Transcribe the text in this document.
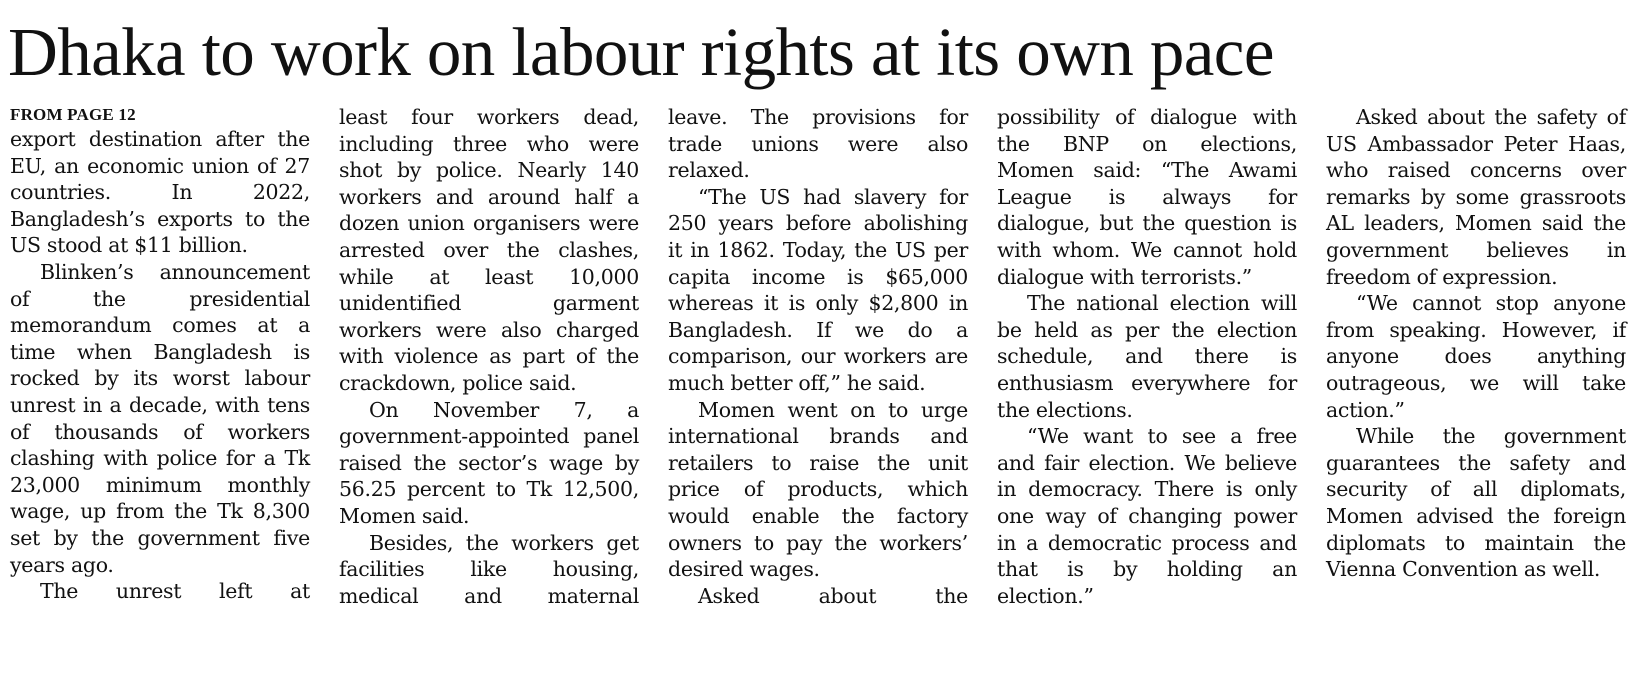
Dhaka to work on labour rights at its own pace
FROM PAGE 12

export destination after the EU, an economic union of 27 countries. In 2022, Bangladesh’s exports to the US stood at $11 billion.

Blinken’s announcement of the presidential memorandum comes at a time when Bangladesh is rocked by its worst labour unrest in a decade, with tens of thousands of workers clashing with police for a Tk 23,000 minimum monthly wage, up from the Tk 8,300 set by the government five years ago.

The unrest left at

least four workers dead, including three who were shot by police. Nearly 140 workers and around half a dozen union organisers were arrested over the clashes, while at least 10,000 unidentified garment workers were also charged with violence as part of the crackdown, police said.

On November 7, a government-appointed panel raised the sector’s wage by 56.25 percent to Tk 12,500, Momen said.

Besides, the workers get facilities like housing, medical and maternal

leave. The provisions for trade unions were also relaxed.

“The US had slavery for 250 years before abolishing it in 1862. Today, the US per capita income is $65,000 whereas it is only $2,800 in Bangladesh. If we do a comparison, our workers are much better off,” he said.

Momen went on to urge international brands and retailers to raise the unit price of products, which would enable the factory owners to pay the workers’ desired wages.

Asked about the

possibility of dialogue with the BNP on elections, Momen said: “The Awami League is always for dialogue, but the question is with whom. We cannot hold dialogue with terrorists.”

The national election will be held as per the election schedule, and there is enthusiasm everywhere for the elections.

“We want to see a free and fair election. We believe in democracy. There is only one way of changing power in a democratic process and that is by holding an election.”

Asked about the safety of US Ambassador Peter Haas, who raised concerns over remarks by some grassroots AL leaders, Momen said the government believes in freedom of expression.

“We cannot stop anyone from speaking. However, if anyone does anything outrageous, we will take action.”

While the government guarantees the safety and security of all diplomats, Momen advised the foreign diplomats to maintain the Vienna Convention as well.
